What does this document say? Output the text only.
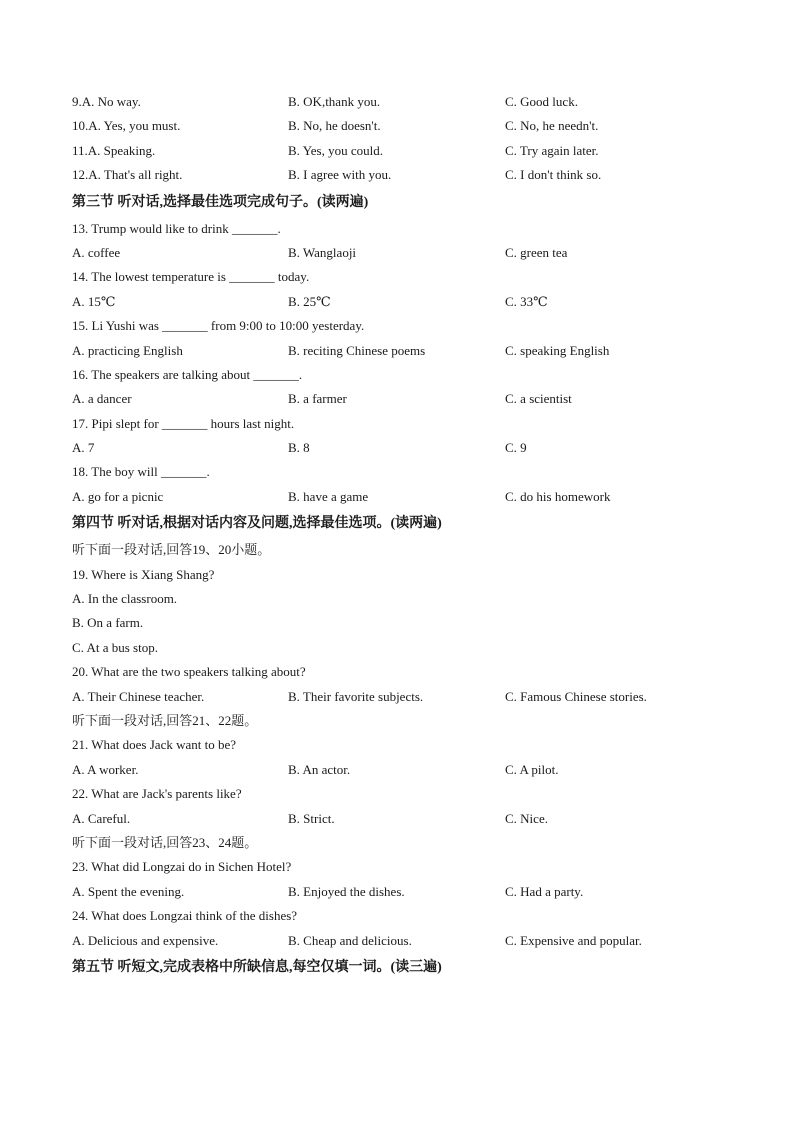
9.A. No way.	B. OK,thank you.	C. Good luck.
10.A. Yes, you must.	B. No, he doesn't.	C. No, he needn't.
11.A. Speaking.	B. Yes, you could.	C. Try again later.
12.A. That's all right.	B. I agree with you.	C. I don't think so.
第三节 听对话,选择最佳选项完成句子。(读两遍)
13. Trump would like to drink _______.
A. coffee	B. Wanglaoji	C. green tea
14. The lowest temperature is _______ today.
A. 15℃	B. 25℃	C. 33℃
15. Li Yushi was _______ from 9:00 to 10:00 yesterday.
A. practicing English	B. reciting Chinese poems	C. speaking English
16. The speakers are talking about _______.
A. a dancer	B. a farmer	C. a scientist
17. Pipi slept for _______ hours last night.
A. 7	B. 8	C. 9
18. The boy will _______.
A. go for a picnic	B. have a game	C. do his homework
第四节 听对话,根据对话内容及问题,选择最佳选项。(读两遍)
听下面一段对话,回答19、20小题。
19. Where is Xiang Shang?
A. In the classroom.
B. On a farm.
C. At a bus stop.
20. What are the two speakers talking about?
A. Their Chinese teacher.	B. Their favorite subjects.	C. Famous Chinese stories.
听下面一段对话,回答21、22题。
21. What does Jack want to be?
A. A worker.	B. An actor.	C. A pilot.
22. What are Jack's parents like?
A. Careful.	B. Strict.	C. Nice.
听下面一段对话,回答23、24题。
23. What did Longzai do in Sichen Hotel?
A. Spent the evening.	B. Enjoyed the dishes.	C. Had a party.
24. What does Longzai think of the dishes?
A. Delicious and expensive.	B. Cheap and delicious.	C. Expensive and popular.
第五节 听短文,完成表格中所缺信息,每空仅填一词。(读三遍)
